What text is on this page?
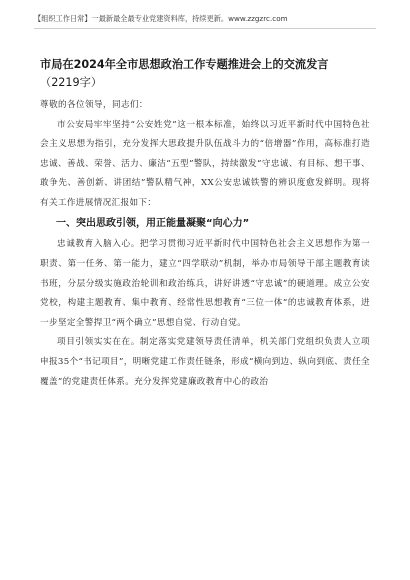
【组织工作日常】一最新最全最专业党建资料库，持续更新。www.zzgzrc.com

市局在2024年全市思想政治工作专题推进会上的交流发言

（2219字）

尊敬的各位领导，同志们：

市公安局牢牢坚持“公安姓党”这一根本标准，始终以习近平新时代中国特色社会主义思想为指引，充分发挥大思政提升队伍战斗力的“倍增器”作用，高标准打造忠诚、善战、荣誉、活力、廉洁“五型”警队，持续激发“守忠诚、有目标、想干事、敢争先、善创新、讲团结”警队精气神，XX公安忠诚铁警的辨识度愈发鲜明。现将有关工作进展情况汇报如下：

一、突出思政引领，用正能量凝聚“向心力”

忠诚教育入脑入心。把学习贯彻习近平新时代中国特色社会主义思想作为第一职责、第一任务、第一能力，建立“四学联动”机制，举办市局领导干部主题教育读书班，分层分级实施政治轮训和政治练兵，讲好讲透“守忠诚”的硬道理。成立公安党校，构建主题教育、集中教育、经常性思想教育“三位一体”的忠诚教育体系，进一步坚定全警捍卫“两个确立”思想自觉、行动自觉。

项目引领实实在在。制定落实党建领导责任清单，机关部门党组织负责人立项申报35个“书记项目”，明晰党建工作责任链条，形成“横向到边、纵向到底、责任全覆盖”的党建责任体系。充分发挥党建廉政教育中心的政治
